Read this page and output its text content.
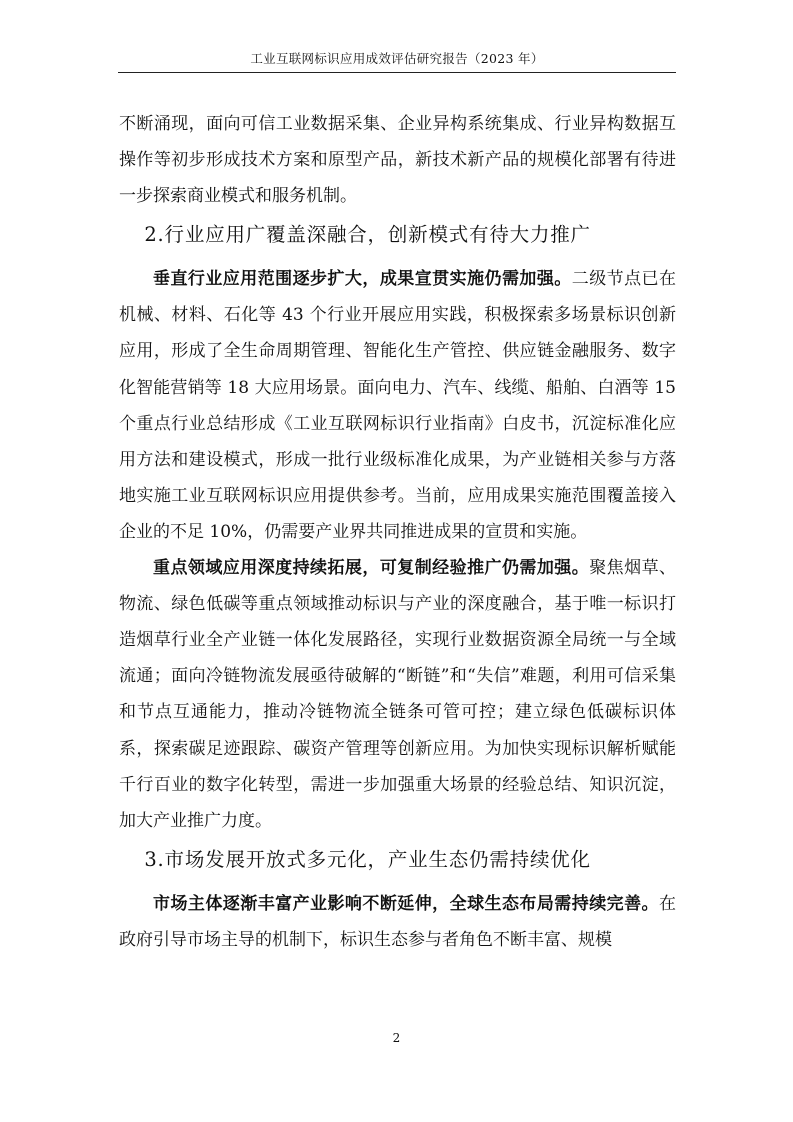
工业互联网标识应用成效评估研究报告（2023 年）

不断涌现，面向可信工业数据采集、企业异构系统集成、行业异构数据互操作等初步形成技术方案和原型产品，新技术新产品的规模化部署有待进一步探索商业模式和服务机制。

2.行业应用广覆盖深融合，创新模式有待大力推广

垂直行业应用范围逐步扩大，成果宣贯实施仍需加强。二级节点已在机械、材料、石化等 43 个行业开展应用实践，积极探索多场景标识创新应用，形成了全生命周期管理、智能化生产管控、供应链金融服务、数字化智能营销等 18 大应用场景。面向电力、汽车、线缆、船舶、白酒等 15 个重点行业总结形成《工业互联网标识行业指南》白皮书，沉淀标准化应用方法和建设模式，形成一批行业级标准化成果，为产业链相关参与方落地实施工业互联网标识应用提供参考。当前，应用成果实施范围覆盖接入企业的不足 10%，仍需要产业界共同推进成果的宣贯和实施。

重点领域应用深度持续拓展，可复制经验推广仍需加强。聚焦烟草、物流、绿色低碳等重点领域推动标识与产业的深度融合，基于唯一标识打造烟草行业全产业链一体化发展路径，实现行业数据资源全局统一与全域流通；面向冷链物流发展亟待破解的“断链”和“失信”难题，利用可信采集和节点互通能力，推动冷链物流全链条可管可控；建立绿色低碳标识体系，探索碳足迹跟踪、碳资产管理等创新应用。为加快实现标识解析赋能千行百业的数字化转型，需进一步加强重大场景的经验总结、知识沉淀，加大产业推广力度。

3.市场发展开放式多元化，产业生态仍需持续优化

市场主体逐渐丰富产业影响不断延伸，全球生态布局需持续完善。在政府引导市场主导的机制下，标识生态参与者角色不断丰富、规模

2
